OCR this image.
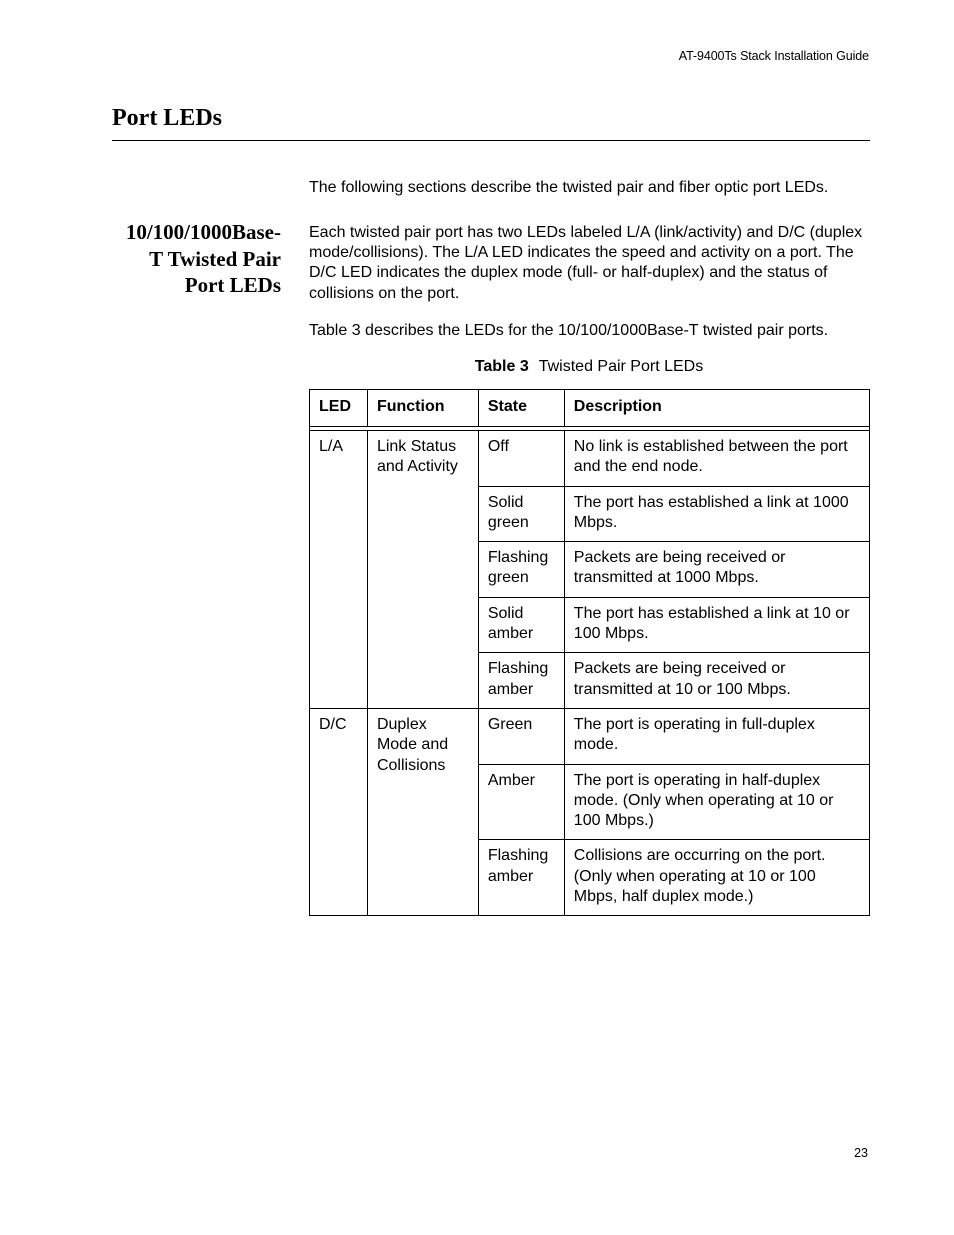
AT-9400Ts Stack Installation Guide
Port LEDs

The following sections describe the twisted pair and fiber optic port LEDs.

10/100/1000Base-
T Twisted Pair
Port LEDs

Each twisted pair port has two LEDs labeled L/A (link/activity) and D/C (duplex mode/collisions). The L/A LED indicates the speed and activity on a port. The D/C LED indicates the duplex mode (full- or half-duplex) and the status of collisions on the port.

Table 3 describes the LEDs for the 10/100/1000Base-T twisted pair ports.

Table 3 Twisted Pair Port LEDs

LED	Function	State	Description

L/A	Link Status and Activity	Off	No link is established between the port and the end node.
		Solid green	The port has established a link at 1000 Mbps.
		Flashing green	Packets are being received or transmitted at 1000 Mbps.
		Solid amber	The port has established a link at 10 or 100 Mbps.
		Flashing amber	Packets are being received or transmitted at 10 or 100 Mbps.
D/C	Duplex Mode and Collisions	Green	The port is operating in full-duplex mode.
		Amber	The port is operating in half-duplex mode. (Only when operating at 10 or 100 Mbps.)
		Flashing amber	Collisions are occurring on the port. (Only when operating at 10 or 100 Mbps, half duplex mode.)
23
